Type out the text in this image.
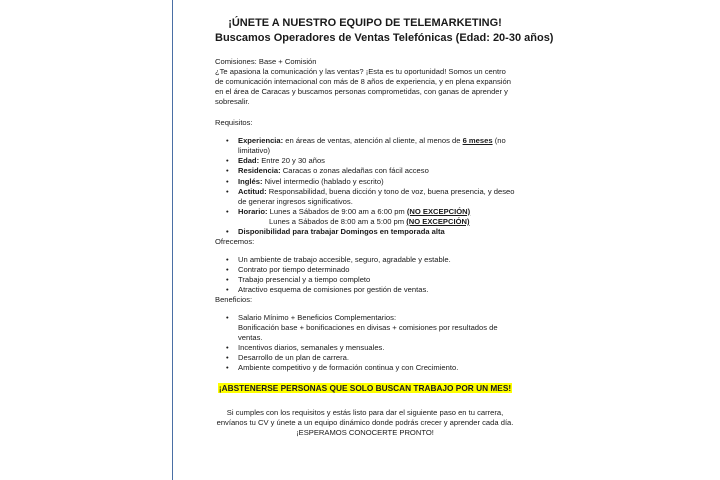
¡ÚNETE A NUESTRO EQUIPO DE TELEMARKETING!

Buscamos Operadores de Ventas Telefónicas (Edad: 20-30 años)

Comisiones: Base + Comisión

¿Te apasiona la comunicación y las ventas? ¡Esta es tu oportunidad! Somos un centro de comunicación internacional con más de 8 años de experiencia, y en plena expansión en el área de Caracas y buscamos personas comprometidas, con ganas de aprender y sobresalir.

Requisitos:

• Experiencia: en áreas de ventas, atención al cliente, al menos de 6 meses (no limitativo)
• Edad: Entre 20 y 30 años
• Residencia: Caracas o zonas aledañas con fácil acceso
• Inglés: Nivel intermedio (hablado y escrito)
• Actitud: Responsabilidad, buena dicción y tono de voz, buena presencia, y deseo de generar ingresos significativos.
• Horario: Lunes a Sábados de 9:00 am a 6:00 pm (NO EXCEPCIÓN)
Lunes a Sábados de 8:00 am a 5:00 pm (NO EXCEPCIÓN)
• Disponibilidad para trabajar Domingos en temporada alta

Ofrecemos:

• Un ambiente de trabajo accesible, seguro, agradable y estable.
• Contrato por tiempo determinado
• Trabajo presencial y a tiempo completo
• Atractivo esquema de comisiones por gestión de ventas.

Beneficios:

• Salario Mínimo + Beneficios Complementarios:
Bonificación base + bonificaciones en divisas + comisiones por resultados de ventas.
• Incentivos diarios, semanales y mensuales.
• Desarrollo de un plan de carrera.
• Ambiente competitivo y de formación continua y con Crecimiento.

¡ABSTENERSE PERSONAS QUE SOLO BUSCAN TRABAJO POR UN MES!

Si cumples con los requisitos y estás listo para dar el siguiente paso en tu carrera,

envíanos tu CV y únete a un equipo dinámico donde podrás crecer y aprender cada día.

¡ESPERAMOS CONOCERTE PRONTO!
